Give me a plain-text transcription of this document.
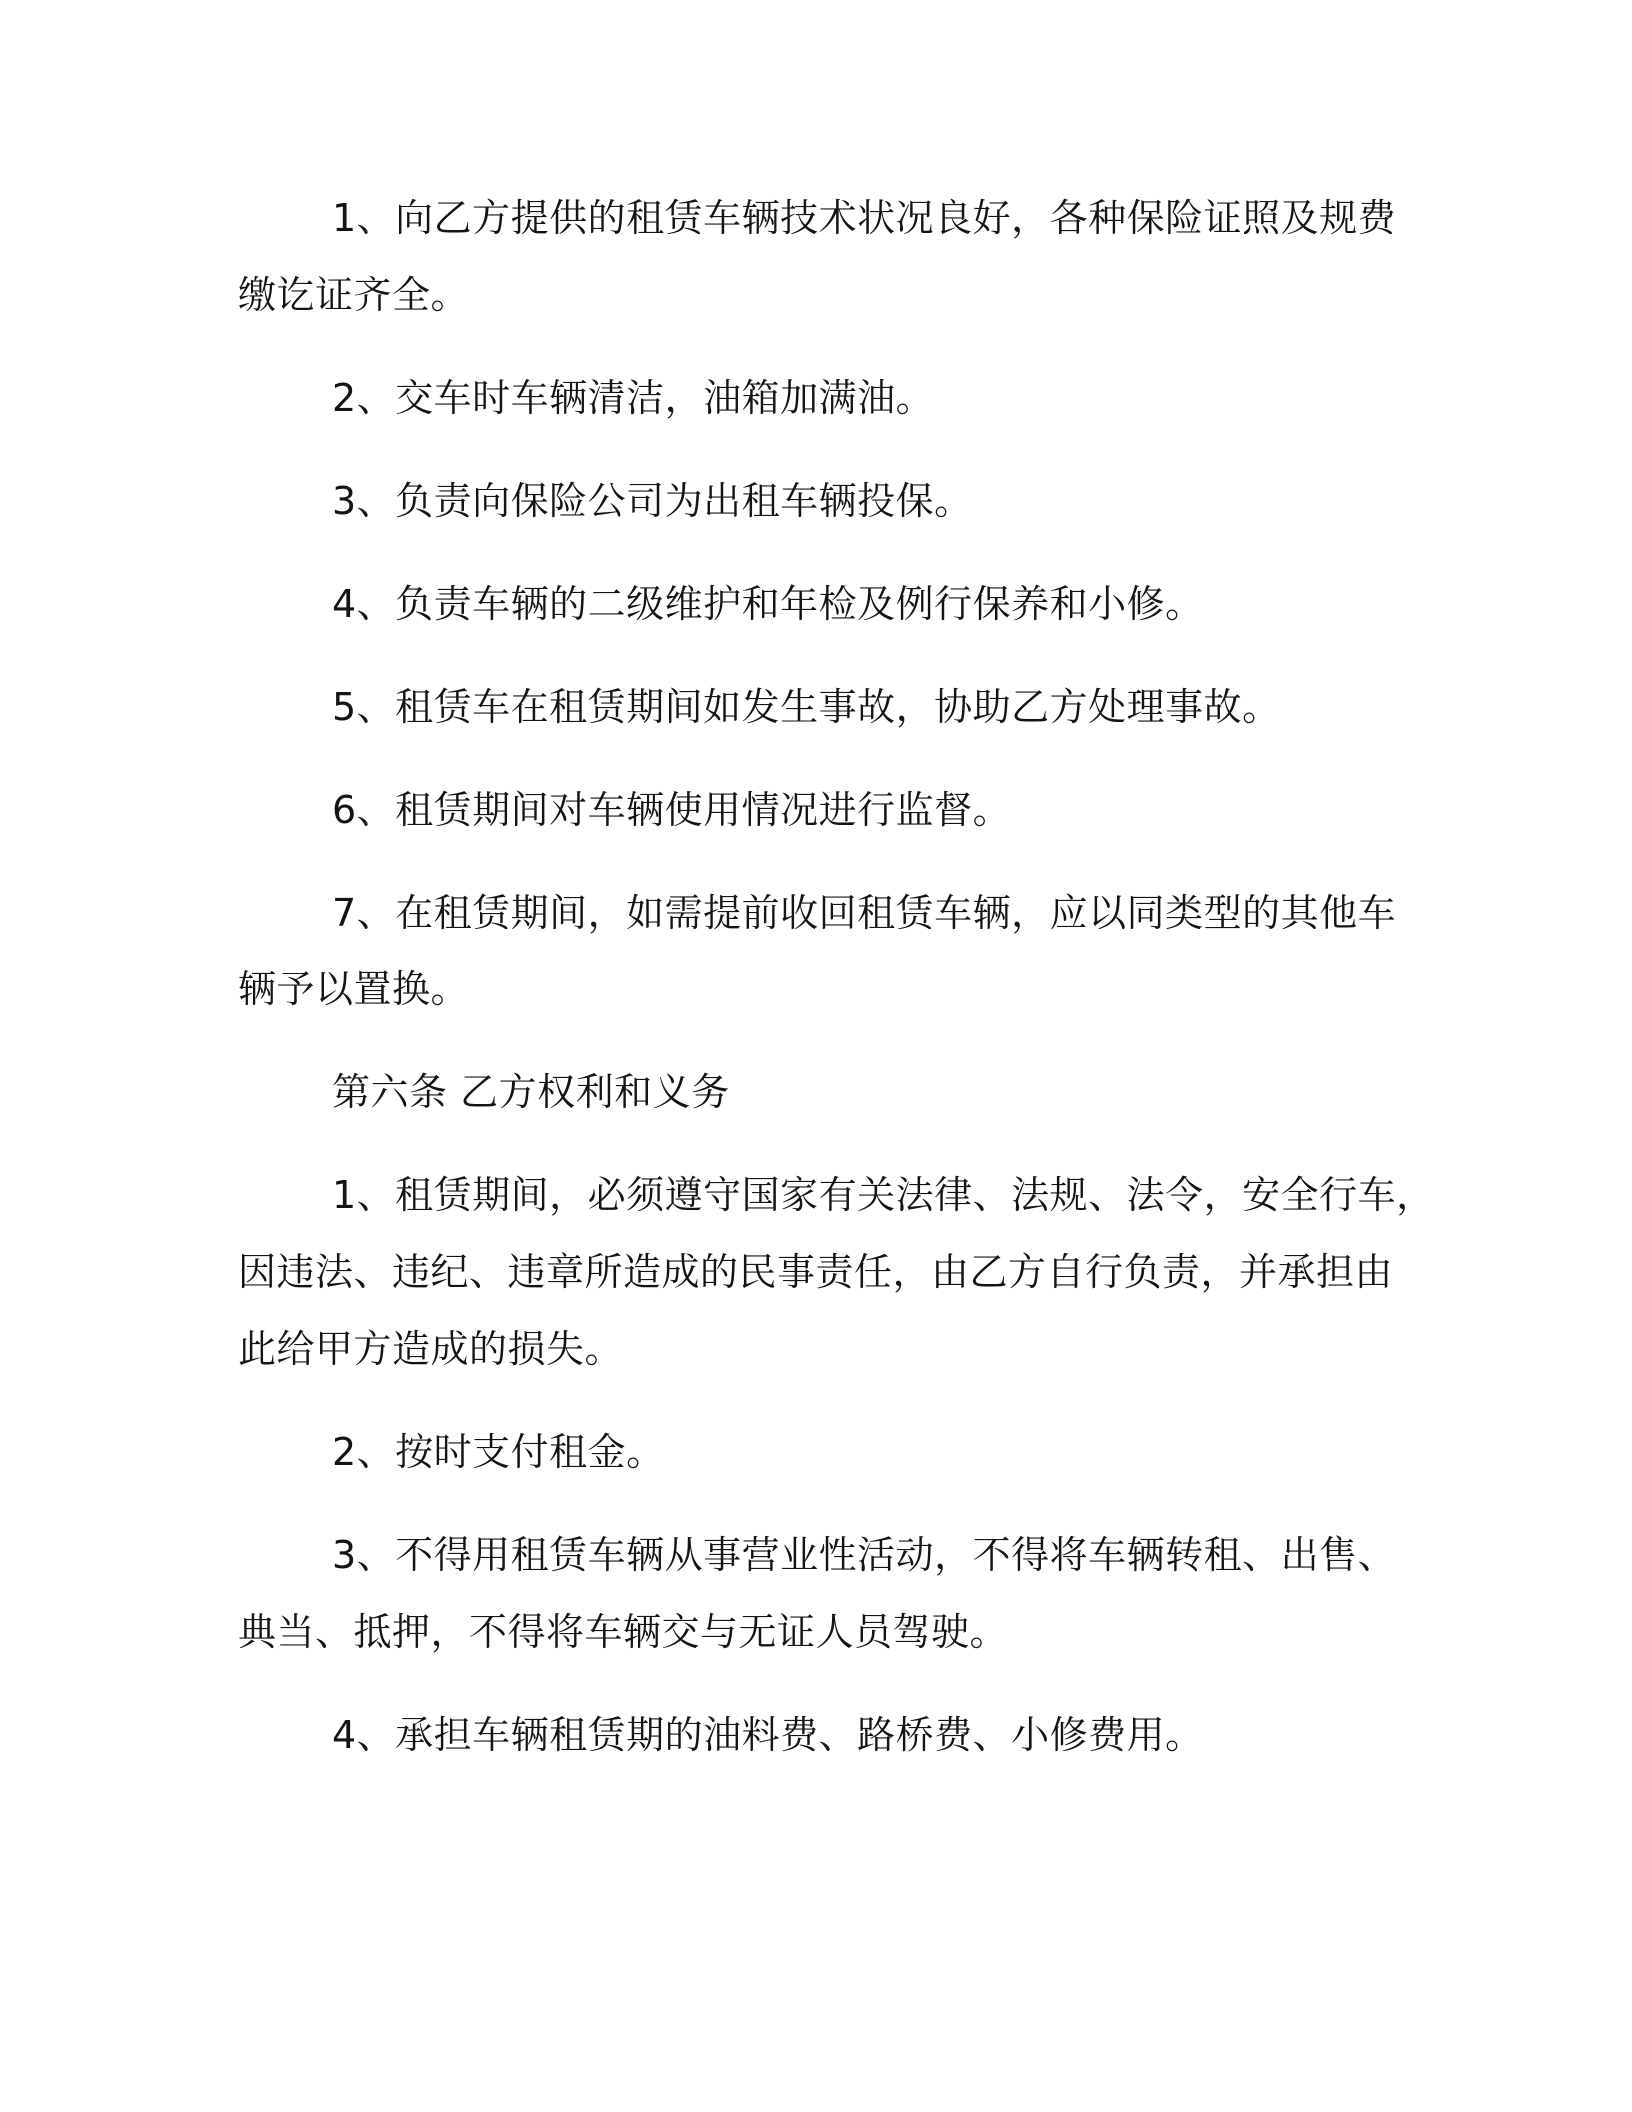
1、向乙方提供的租赁车辆技术状况良好，各种保险证照及规费

缴讫证齐全。

2、交车时车辆清洁，油箱加满油。

3、负责向保险公司为出租车辆投保。

4、负责车辆的二级维护和年检及例行保养和小修。

5、租赁车在租赁期间如发生事故，协助乙方处理事故。

6、租赁期间对车辆使用情况进行监督。

7、在租赁期间，如需提前收回租赁车辆，应以同类型的其他车

辆予以置换。

第六条 乙方权利和义务

1、租赁期间，必须遵守国家有关法律、法规、法令，安全行车，

因违法、违纪、违章所造成的民事责任，由乙方自行负责，并承担由

此给甲方造成的损失。

2、按时支付租金。

3、不得用租赁车辆从事营业性活动，不得将车辆转租、出售、

典当、抵押，不得将车辆交与无证人员驾驶。

4、承担车辆租赁期的油料费、路桥费、小修费用。
